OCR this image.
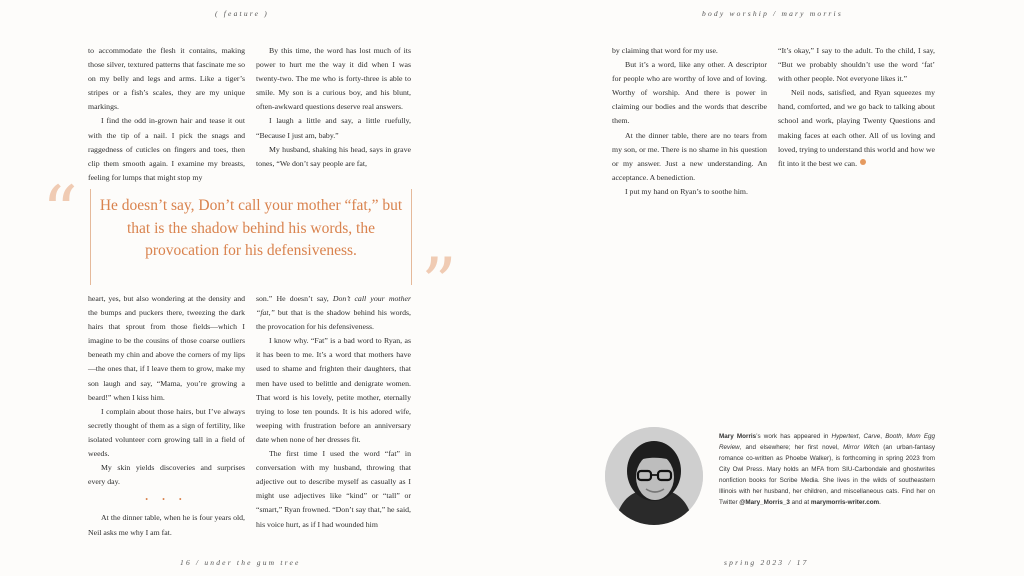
( feature )

to accommodate the flesh it contains, making those silver, textured patterns that fascinate me so on my belly and legs and arms. Like a tiger’s stripes or a fish’s scales, they are my unique markings.

I find the odd in-grown hair and tease it out with the tip of a nail. I pick the snags and raggedness of cuticles on fingers and toes, then clip them smooth again. I examine my breasts, feeling for lumps that might stop my

By this time, the word has lost much of its power to hurt me the way it did when I was twenty-two. The me who is forty-three is able to smile. My son is a curious boy, and his blunt, often-awkward questions deserve real answers.

I laugh a little and say, a little ruefully, “Because I just am, baby.”

My husband, shaking his head, says in grave tones, “We don’t say people are fat,

“	He doesn’t say, Don’t call your mother “fat,” but that is the shadow behind his words, the provocation for his defensiveness. ”

heart, yes, but also wondering at the density and the bumps and puckers there, tweezing the dark hairs that sprout from those fields—which I imagine to be the cousins of those coarse outliers beneath my chin and above the corners of my lips—the ones that, if I leave them to grow, make my son laugh and say, “Mama, you’re growing a beard!” when I kiss him.

I complain about those hairs, but I’ve always secretly thought of them as a sign of fertility, like isolated volunteer corn growing tall in a field of weeds.

My skin yields discoveries and surprises every day.

• • •

At the dinner table, when he is four years old, Neil asks me why I am fat.

son.” He doesn’t say, Don’t call your mother “fat,” but that is the shadow behind his words, the provocation for his defensiveness.

I know why. “Fat” is a bad word to Ryan, as it has been to me. It’s a word that mothers have used to shame and frighten their daughters, that men have used to belittle and denigrate women. That word is his lovely, petite mother, eternally trying to lose ten pounds. It is his adored wife, weeping with frustration before an anniversary date when none of her dresses fit.

The first time I used the word “fat” in conversation with my husband, throwing that adjective out to describe myself as casually as I might use adjectives like “kind” or “tall” or “smart,” Ryan frowned. “Don’t say that,” he said, his voice hurt, as if I had wounded him

16 / under the gum tree
body worship / mary morris

by claiming that word for my use.

But it’s a word, like any other. A descriptor for people who are worthy of love and of loving. Worthy of worship. And there is power in claiming our bodies and the words that describe them.

At the dinner table, there are no tears from my son, or me. There is no shame in his question or my answer. Just a new understanding. An acceptance. A benediction.

I put my hand on Ryan’s to soothe him.

“It’s okay,” I say to the adult. To the child, I say, “But we probably shouldn’t use the word ‘fat’ with other people. Not everyone likes it.”

Neil nods, satisfied, and Ryan squeezes my hand, comforted, and we go back to talking about school and work, playing Twenty Questions and making faces at each other. All of us loving and loved, trying to understand this world and how we fit into it the best we can.

spring 2023 / 17
Mary Morris’s work has appeared in Hypertext, Carve, Booth, Mom Egg Review, and elsewhere; her first novel, Mirror Witch (an urban-fantasy romance co-written as Phoebe Walker), is forthcoming in spring 2023 from City Owl Press. Mary holds an MFA from SIU-Carbondale and ghostwrites nonfiction books for Scribe Media. She lives in the wilds of southeastern Illinois with her husband, her children, and miscellaneous cats. Find her on Twitter @Mary_Morris_3 and at marymorris-writer.com.
